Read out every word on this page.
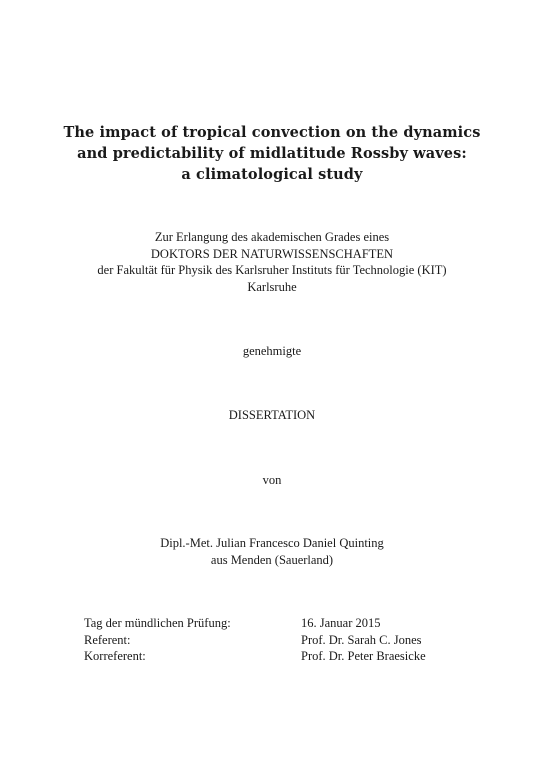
The impact of tropical convection on the dynamics
and predictability of midlatitude Rossby waves:
a climatological study
Zur Erlangung des akademischen Grades eines
DOKTORS DER NATURWISSENSCHAFTEN
der Fakultät für Physik des Karlsruher Instituts für Technologie (KIT)
Karlsruhe
genehmigte
DISSERTATION
von
Dipl.-Met. Julian Francesco Daniel Quinting
aus Menden (Sauerland)
Tag der mündlichen Prüfung:	16. Januar 2015
Referent:	Prof. Dr. Sarah C. Jones
Korreferent:	Prof. Dr. Peter Braesicke
